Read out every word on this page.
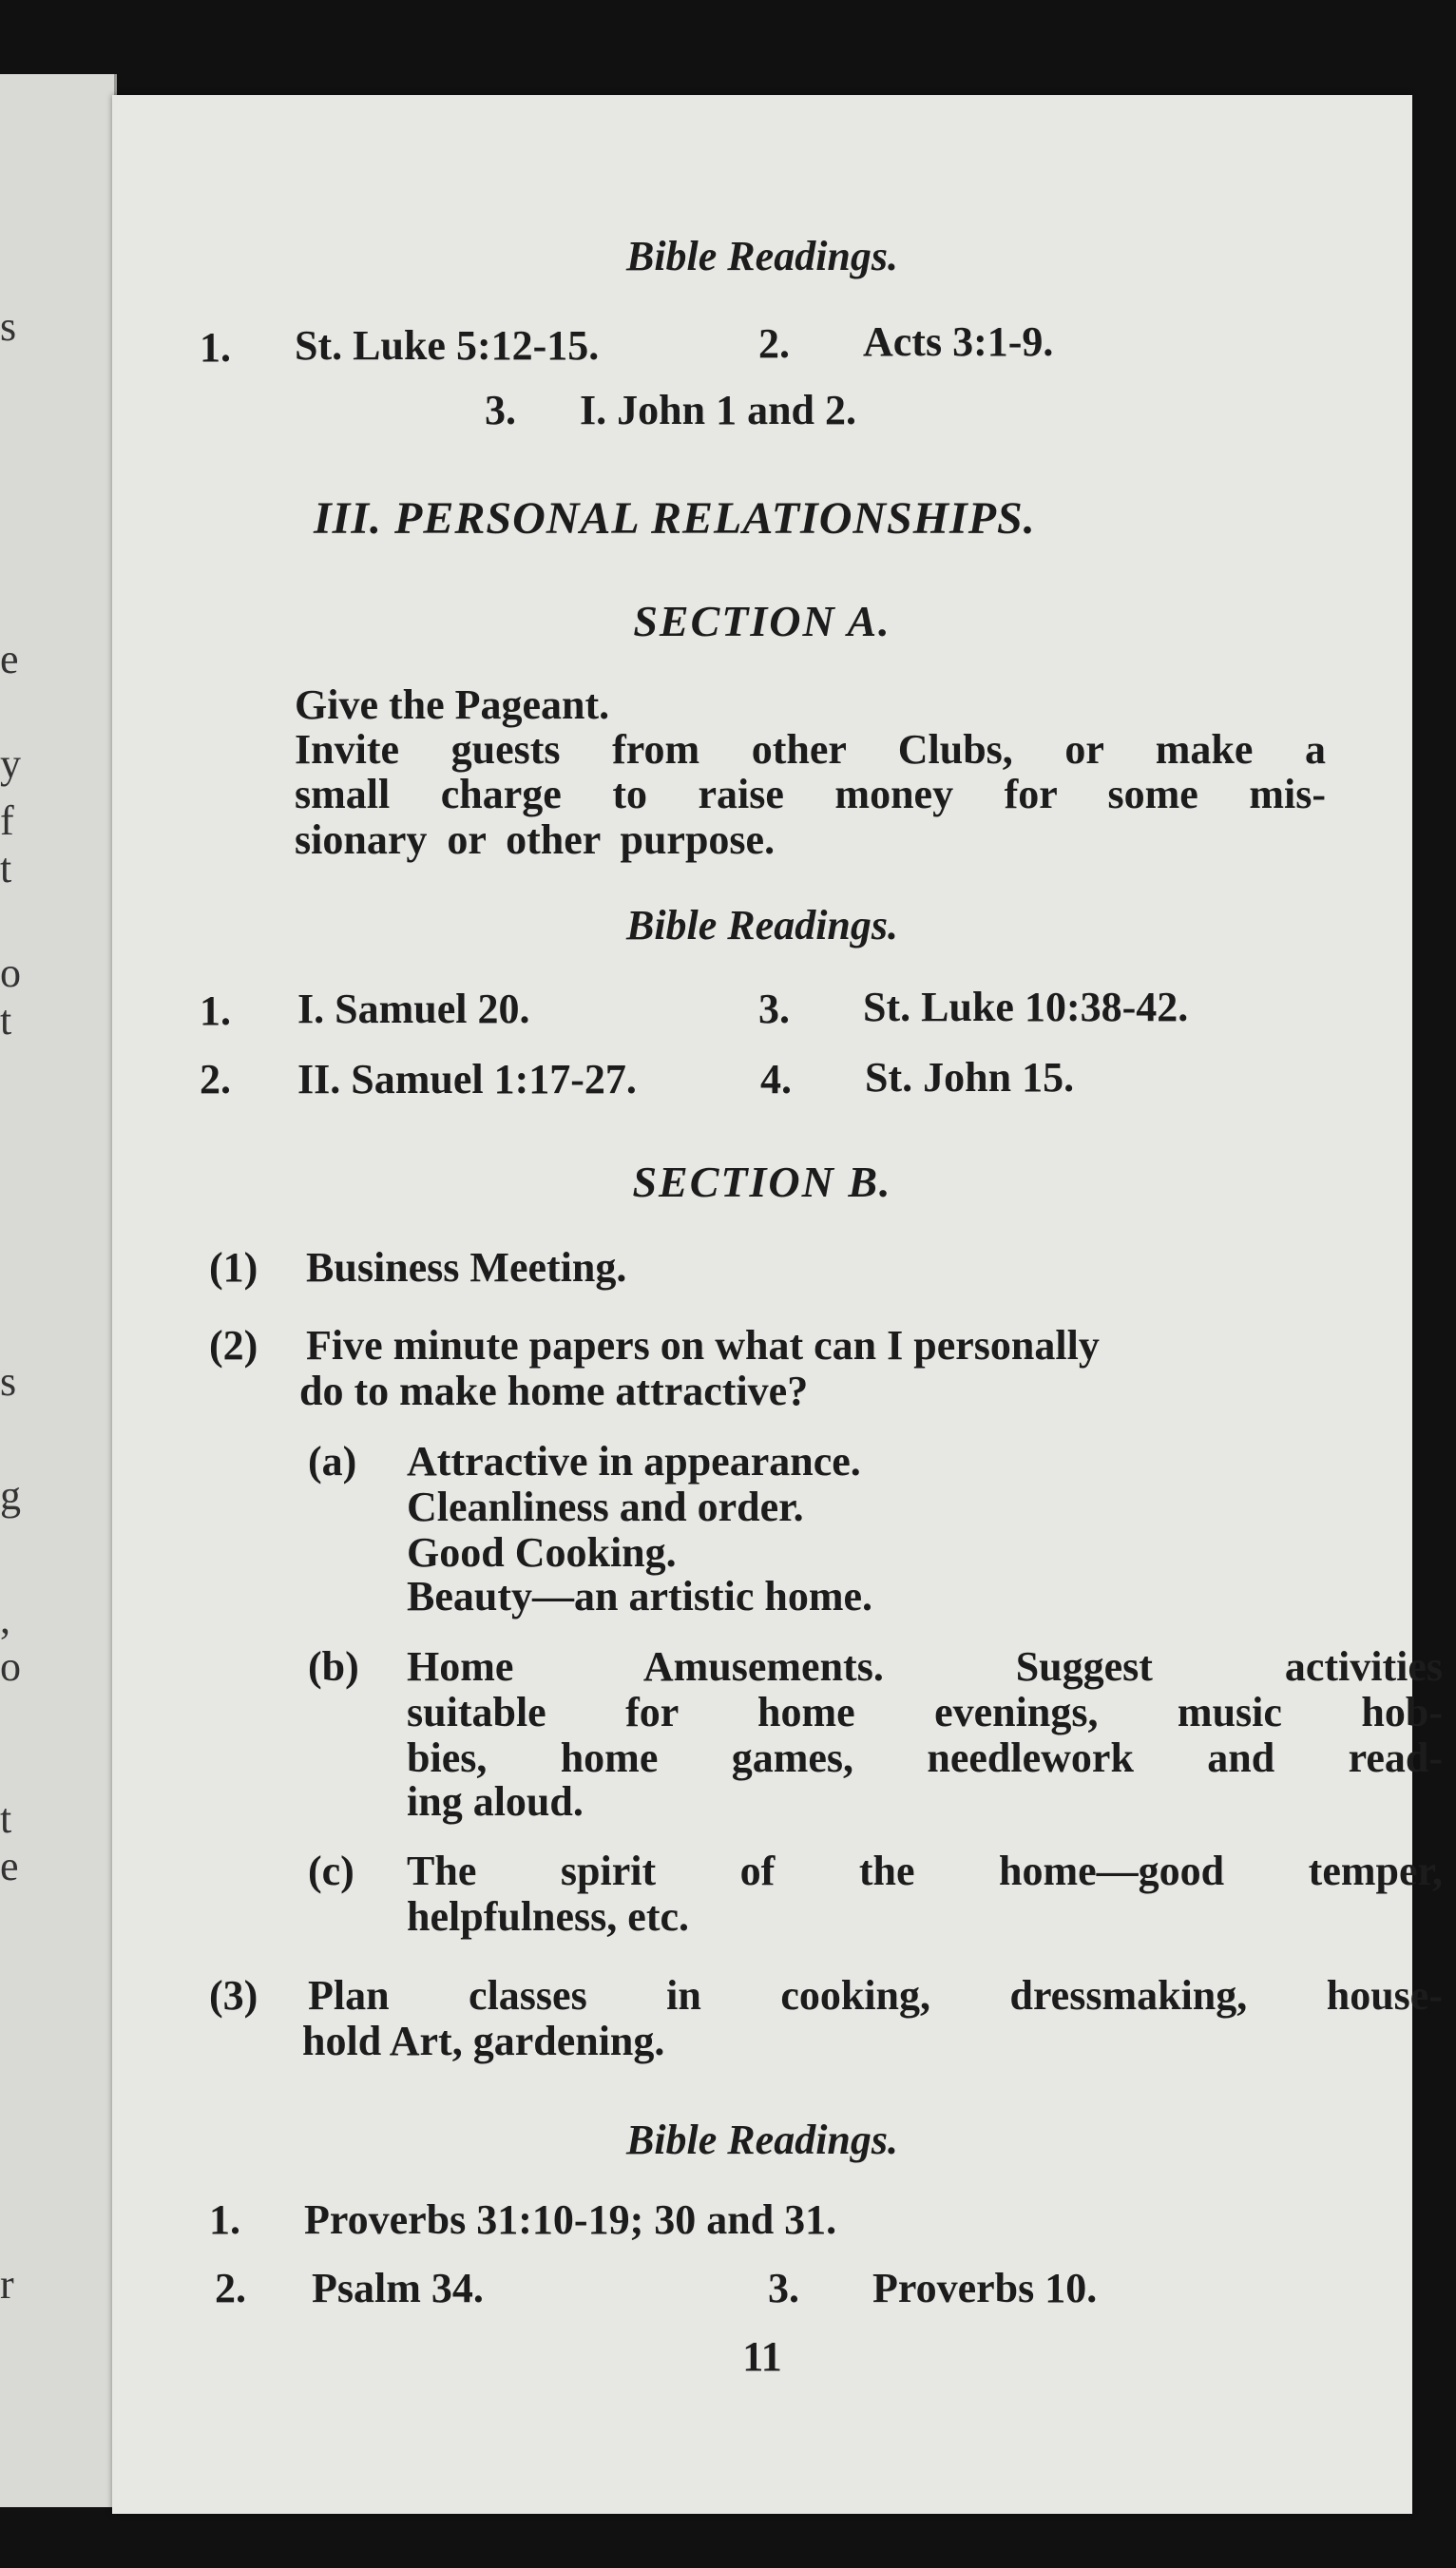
s
e
y
f
t
o
t
s
g
,
o
t
e
r
Bible Readings.
1. St. Luke 5:12-15.	2. Acts 3:1-9.
3. I. John 1 and 2.
III. PERSONAL RELATIONSHIPS.
SECTION A.
Give the Pageant.
Invite guests from other Clubs, or make a
small charge to raise money for some mis-
sionary or other purpose.
Bible Readings.
1. I. Samuel 20.	3. St. Luke 10:38-42.
2. II. Samuel 1:17-27.	4. St. John 15.
SECTION B.
(1) Business Meeting.
(2) Five minute papers on what can I personally
do to make home attractive?
(a) Attractive in appearance.
Cleanliness and order.
Good Cooking.
Beauty—an artistic home.
(b) Home Amusements. Suggest activities
suitable for home evenings, music hob-
bies, home games, needlework and read-
ing aloud.
(c) The spirit of the home—good temper,
helpfulness, etc.
(3) Plan classes in cooking, dressmaking, house-
hold Art, gardening.
Bible Readings.
1. Proverbs 31:10-19; 30 and 31.
2. Psalm 34.	3. Proverbs 10.
11
